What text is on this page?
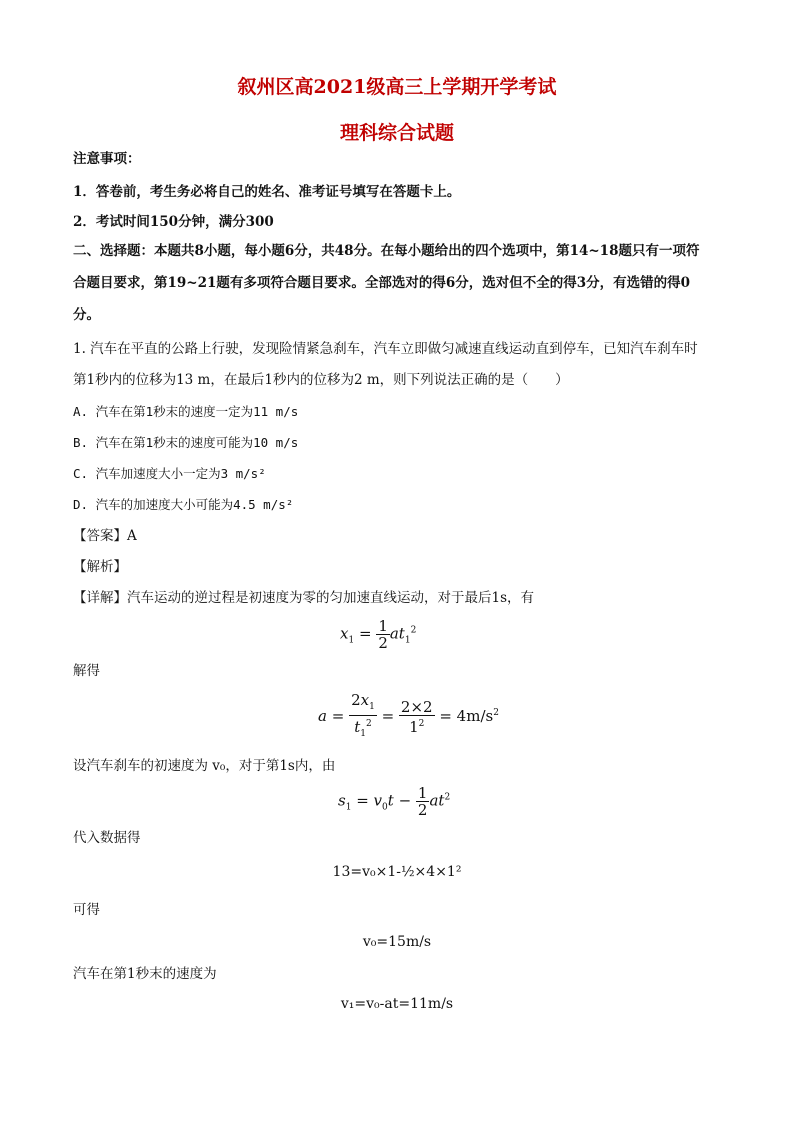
叙州区高2021级高三上学期开学考试
理科综合试题
注意事项：
1．答卷前，考生务必将自己的姓名、准考证号填写在答题卡上。
2．考试时间150分钟，满分300
二、选择题：本题共8小题，每小题6分，共48分。在每小题给出的四个选项中，第14~18题只有一项符
合题目要求，第19~21题有多项符合题目要求。全部选对的得6分，选对但不全的得3分，有选错的得0
分。
1. 汽车在平直的公路上行驶，发现险情紧急刹车，汽车立即做匀减速直线运动直到停车，已知汽车刹车时
第1秒内的位移为13 m，在最后1秒内的位移为2 m，则下列说法正确的是（　　）
A. 汽车在第1秒末的速度一定为11 m/s
B. 汽车在第1秒末的速度可能为10 m/s
C. 汽车加速度大小一定为3 m/s²
D. 汽车的加速度大小可能为4.5 m/s²
【答案】A
【解析】
【详解】汽车运动的逆过程是初速度为零的匀加速直线运动，对于最后1s，有
$x_1 = \frac{1}{2} at_1^2$
解得
$a = \frac{2x_1}{t_1^2} = \frac{2\times 2}{1^2} = 4m/s^2$
设汽车刹车的初速度为 v₀，对于第1s内，由
$s_1 = v_0t - \frac{1}{2} at^2$
代入数据得
13=v₀×1-½×4×1²
可得
v₀=15m/s
汽车在第1秒末的速度为
v₁=v₀-at=11m/s
